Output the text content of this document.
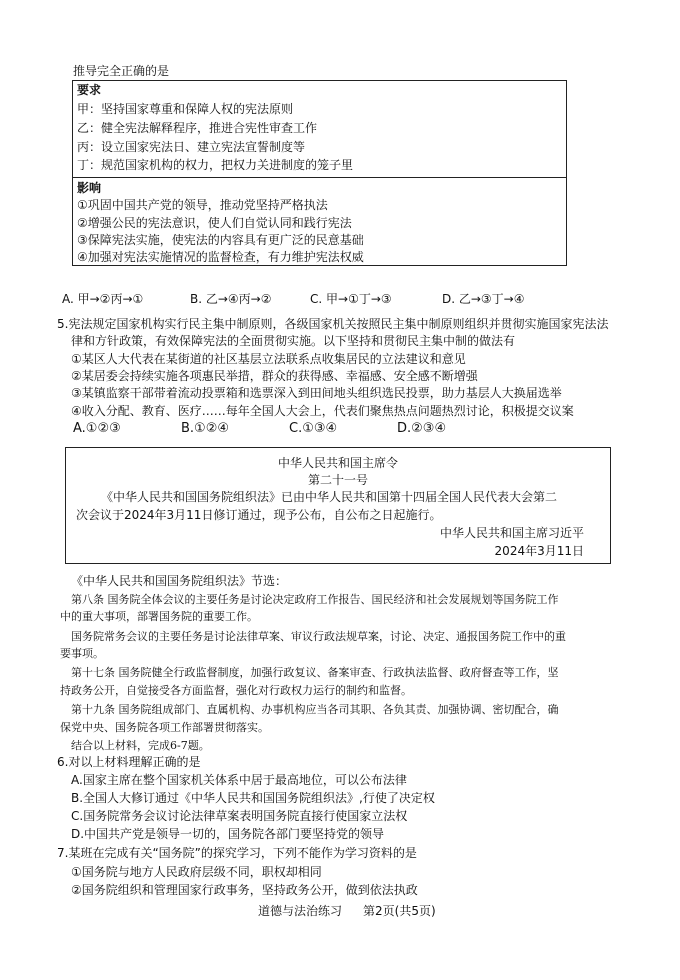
推导完全正确的是
要求
甲：坚持国家尊重和保障人权的宪法原则
乙：健全宪法解释程序，推进合宪性审查工作
丙：设立国家宪法日、建立宪法宣誓制度等
丁：规范国家机构的权力，把权力关进制度的笼子里
影响
①巩固中国共产党的领导，推动党坚持严格执法
②增强公民的宪法意识，使人们自觉认同和践行宪法
③保障宪法实施，使宪法的内容具有更广泛的民意基础
④加强对宪法实施情况的监督检查，有力维护宪法权威
A. 甲→②丙→①	B. 乙→④丙→②	C. 甲→①丁→③	D. 乙→③丁→④
5.宪法规定国家机构实行民主集中制原则，各级国家机关按照民主集中制原则组织并贯彻实施国家宪法法
律和方针政策，有效保障宪法的全面贯彻实施。以下坚持和贯彻民主集中制的做法有
①某区人大代表在某街道的社区基层立法联系点收集居民的立法建议和意见
②某居委会持续实施各项惠民举措，群众的获得感、幸福感、安全感不断增强
③某镇监察干部带着流动投票箱和选票深入到田间地头组织选民投票，助力基层人大换届选举
④收入分配、教育、医疗……每年全国人大会上，代表们聚焦热点问题热烈讨论，积极提交议案
A.①②③	B.①②④	C.①③④	D.②③④
中华人民共和国主席令
第二十一号
《中华人民共和国国务院组织法》已由中华人民共和国第十四届全国人民代表大会第二
次会议于2024年3月11日修订通过，现予公布，自公布之日起施行。
中华人民共和国主席习近平
2024年3月11日
《中华人民共和国国务院组织法》节选：
第八条 国务院全体会议的主要任务是讨论决定政府工作报告、国民经济和社会发展规划等国务院工作
中的重大事项，部署国务院的重要工作。
国务院常务会议的主要任务是讨论法律草案、审议行政法规草案，讨论、决定、通报国务院工作中的重
要事项。
第十七条 国务院健全行政监督制度，加强行政复议、备案审查、行政执法监督、政府督查等工作，坚
持政务公开，自觉接受各方面监督，强化对行政权力运行的制约和监督。
第十九条 国务院组成部门、直属机构、办事机构应当各司其职、各负其责、加强协调、密切配合，确
保党中央、国务院各项工作部署贯彻落实。
结合以上材料，完成6-7题。
6.对以上材料理解正确的是
A.国家主席在整个国家机关体系中居于最高地位，可以公布法律
B.全国人大修订通过《中华人民共和国国务院组织法》,行使了决定权
C.国务院常务会议讨论法律草案表明国务院直接行使国家立法权
D.中国共产党是领导一切的，国务院各部门要坚持党的领导
7.某班在完成有关“国务院”的探究学习，下列不能作为学习资料的是
①国务院与地方人民政府层级不同，职权却相同
②国务院组织和管理国家行政事务，坚持政务公开，做到依法执政
道德与法治练习 第2页(共5页)
